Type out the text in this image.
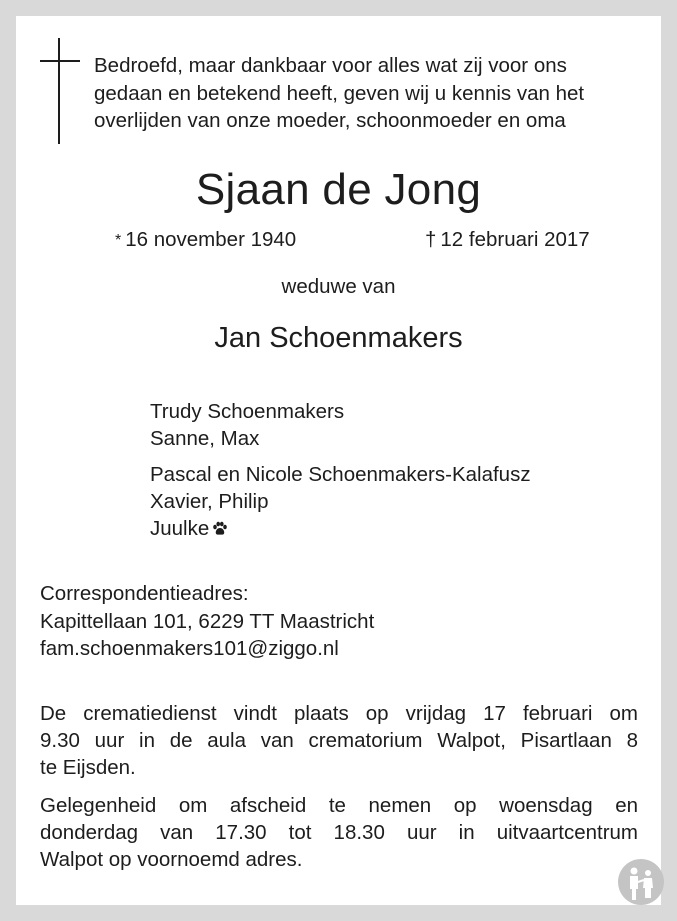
Bedroefd, maar dankbaar voor alles wat zij voor ons
gedaan en betekend heeft, geven wij u kennis van het
overlijden van onze moeder, schoonmoeder en oma
Sjaan de Jong
* 16 november 1940	† 12 februari 2017
weduwe van
Jan Schoenmakers
Trudy Schoenmakers
Sanne, Max
Pascal en Nicole Schoenmakers-Kalafusz
Xavier, Philip
Juulke
Correspondentieadres:
Kapittellaan 101, 6229 TT Maastricht
fam.schoenmakers101@ziggo.nl
De crematiedienst vindt plaats op vrijdag 17 februari om
9.30 uur in de aula van crematorium Walpot, Pisartlaan 8
te Eijsden.
Gelegenheid om afscheid te nemen op woensdag en
donderdag van 17.30 tot 18.30 uur in uitvaartcentrum
Walpot op voornoemd adres.
